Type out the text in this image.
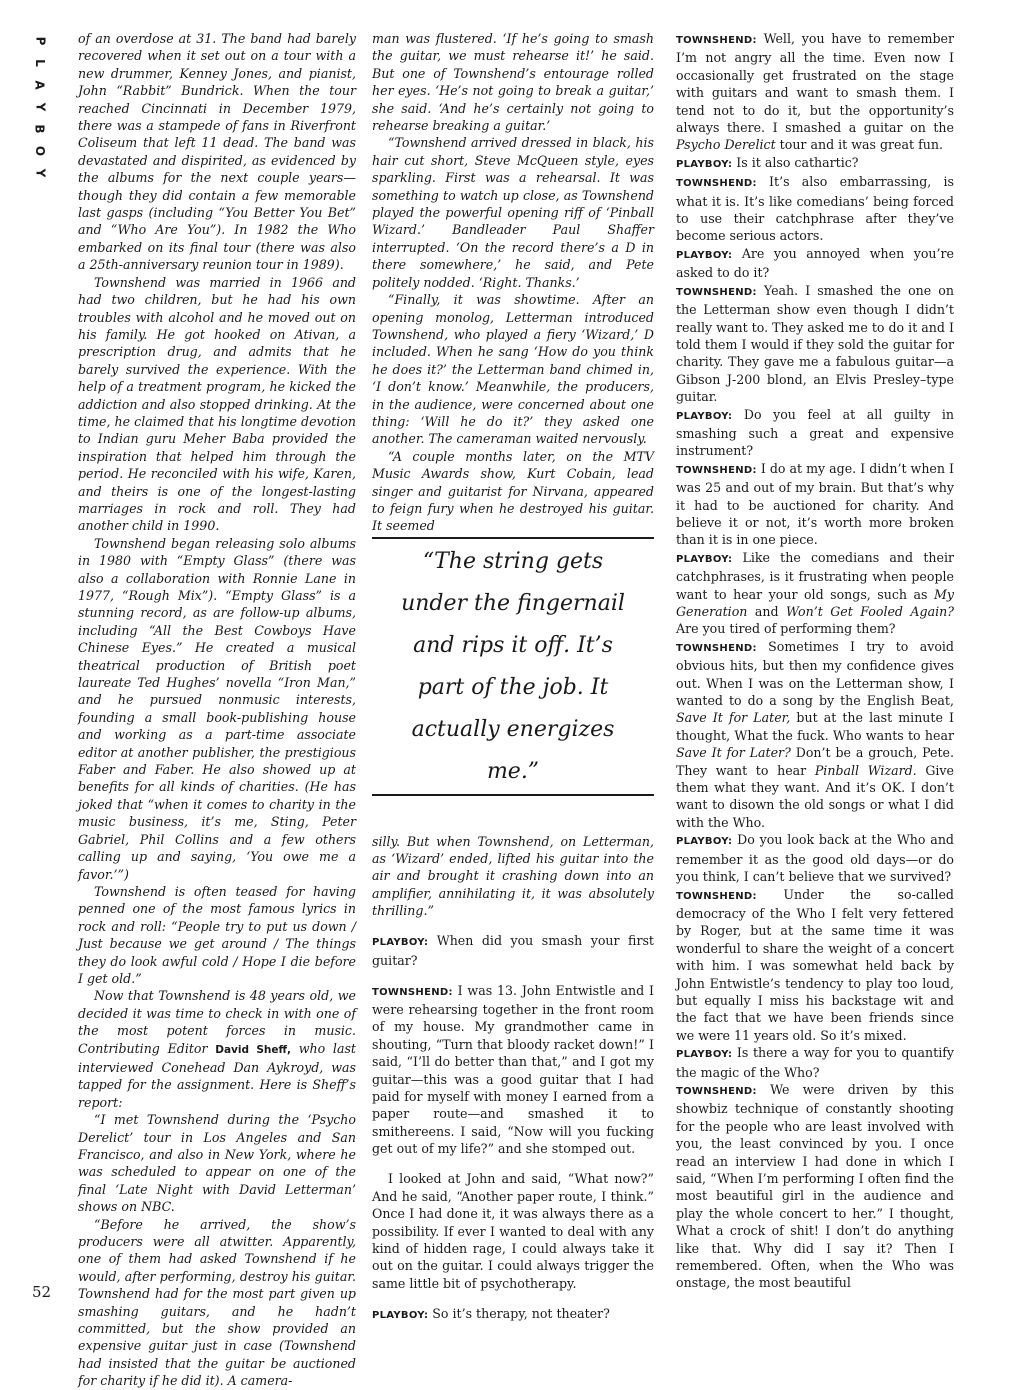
P
L
A
Y
B
O
Y
52

of an overdose at 31. The band had barely recovered when it set out on a tour with a new drummer, Kenney Jones, and pianist, John “Rabbit” Bundrick. When the tour reached Cincinnati in December 1979, there was a stampede of fans in Riverfront Coliseum that left 11 dead. The band was devastated and dispirited, as evidenced by the albums for the next couple years—though they did contain a few memorable last gasps (including “You Better You Bet” and “Who Are You”). In 1982 the Who embarked on its final tour (there was also a 25th-anniversary reunion tour in 1989).

Townshend was married in 1966 and had two children, but he had his own troubles with alcohol and he moved out on his family. He got hooked on Ativan, a prescription drug, and admits that he barely survived the experience. With the help of a treatment program, he kicked the addiction and also stopped drinking. At the time, he claimed that his longtime devotion to Indian guru Meher Baba provided the inspiration that helped him through the period. He reconciled with his wife, Karen, and theirs is one of the longest-lasting marriages in rock and roll. They had another child in 1990.

Townshend began releasing solo albums in 1980 with “Empty Glass” (there was also a collaboration with Ronnie Lane in 1977, “Rough Mix”). “Empty Glass” is a stunning record, as are follow-up albums, including “All the Best Cowboys Have Chinese Eyes.” He created a musical theatrical production of British poet laureate Ted Hughes’ novella “Iron Man,” and he pursued nonmusic interests, founding a small book-publishing house and working as a part-time associate editor at another publisher, the prestigious Faber and Faber. He also showed up at benefits for all kinds of charities. (He has joked that “when it comes to charity in the music business, it’s me, Sting, Peter Gabriel, Phil Collins and a few others calling up and saying, ‘You owe me a favor.’”)

Townshend is often teased for having penned one of the most famous lyrics in rock and roll: “People try to put us down / Just because we get around / The things they do look awful cold / Hope I die before I get old.”

Now that Townshend is 48 years old, we decided it was time to check in with one of the most potent forces in music. Contributing Editor David Sheff, who last interviewed Conehead Dan Aykroyd, was tapped for the assignment. Here is Sheff’s report:

“I met Townshend during the ‘Psycho Derelict’ tour in Los Angeles and San Francisco, and also in New York, where he was scheduled to appear on one of the final ‘Late Night with David Letterman’ shows on NBC.

“Before he arrived, the show’s producers were all atwitter. Apparently, one of them had asked Townshend if he would, after performing, destroy his guitar. Townshend had for the most part given up smashing guitars, and he hadn’t committed, but the show provided an expensive guitar just in case (Townshend had insisted that the guitar be auctioned for charity if he did it). A camera-

man was flustered. ‘If he’s going to smash the guitar, we must rehearse it!’ he said. But one of Townshend’s entourage rolled her eyes. ‘He’s not going to break a guitar,’ she said. ‘And he’s certainly not going to rehearse breaking a guitar.’

“Townshend arrived dressed in black, his hair cut short, Steve McQueen style, eyes sparkling. First was a rehearsal. It was something to watch up close, as Townshend played the powerful opening riff of ‘Pinball Wizard.’ Bandleader Paul Shaffer interrupted. ‘On the record there’s a D in there somewhere,’ he said, and Pete politely nodded. ‘Right. Thanks.’

“Finally, it was showtime. After an opening monolog, Letterman introduced Townshend, who played a fiery ‘Wizard,’ D included. When he sang ‘How do you think he does it?’ the Letterman band chimed in, ‘I don’t know.’ Meanwhile, the producers, in the audience, were concerned about one thing: ‘Will he do it?’ they asked one another. The cameraman waited nervously.

“A couple months later, on the MTV Music Awards show, Kurt Cobain, lead singer and guitarist for Nirvana, appeared to feign fury when he destroyed his guitar. It seemed

“The string gets under the fingernail and rips it off. It’s part of the job. It actually energizes me.”

silly. But when Townshend, on Letterman, as ‘Wizard’ ended, lifted his guitar into the air and brought it crashing down into an amplifier, annihilating it, it was absolutely thrilling.”

PLAYBOY: When did you smash your first guitar?

TOWNSHEND: I was 13. John Entwistle and I were rehearsing together in the front room of my house. My grandmother came in shouting, “Turn that bloody racket down!” I said, “I’ll do better than that,” and I got my guitar—this was a good guitar that I had paid for myself with money I earned from a paper route—and smashed it to smithereens. I said, “Now will you fucking get out of my life?” and she stomped out.

I looked at John and said, “What now?” And he said, “Another paper route, I think.” Once I had done it, it was always there as a possibility. If ever I wanted to deal with any kind of hidden rage, I could always take it out on the guitar. I could always trigger the same little bit of psychotherapy.

PLAYBOY: So it’s therapy, not theater?

TOWNSHEND: Well, you have to remember I’m not angry all the time. Even now I occasionally get frustrated on the stage with guitars and want to smash them. I tend not to do it, but the opportunity’s always there. I smashed a guitar on the Psycho Derelict tour and it was great fun.

PLAYBOY: Is it also cathartic?

TOWNSHEND: It’s also embarrassing, is what it is. It’s like comedians’ being forced to use their catchphrase after they’ve become serious actors.

PLAYBOY: Are you annoyed when you’re asked to do it?

TOWNSHEND: Yeah. I smashed the one on the Letterman show even though I didn’t really want to. They asked me to do it and I told them I would if they sold the guitar for charity. They gave me a fabulous guitar—a Gibson J-200 blond, an Elvis Presley–type guitar.

PLAYBOY: Do you feel at all guilty in smashing such a great and expensive instrument?

TOWNSHEND: I do at my age. I didn’t when I was 25 and out of my brain. But that’s why it had to be auctioned for charity. And believe it or not, it’s worth more broken than it is in one piece.

PLAYBOY: Like the comedians and their catchphrases, is it frustrating when people want to hear your old songs, such as My Generation and Won’t Get Fooled Again? Are you tired of performing them?

TOWNSHEND: Sometimes I try to avoid obvious hits, but then my confidence gives out. When I was on the Letterman show, I wanted to do a song by the English Beat, Save It for Later, but at the last minute I thought, What the fuck. Who wants to hear Save It for Later? Don’t be a grouch, Pete. They want to hear Pinball Wizard. Give them what they want. And it’s OK. I don’t want to disown the old songs or what I did with the Who.

PLAYBOY: Do you look back at the Who and remember it as the good old days—or do you think, I can’t believe that we survived?

TOWNSHEND: Under the so-called democracy of the Who I felt very fettered by Roger, but at the same time it was wonderful to share the weight of a concert with him. I was somewhat held back by John Entwistle’s tendency to play too loud, but equally I miss his backstage wit and the fact that we have been friends since we were 11 years old. So it’s mixed.

PLAYBOY: Is there a way for you to quantify the magic of the Who?

TOWNSHEND: We were driven by this showbiz technique of constantly shooting for the people who are least involved with you, the least convinced by you. I once read an interview I had done in which I said, “When I’m performing I often find the most beautiful girl in the audience and play the whole concert to her.” I thought, What a crock of shit! I don’t do anything like that. Why did I say it? Then I remembered. Often, when the Who was onstage, the most beautiful
